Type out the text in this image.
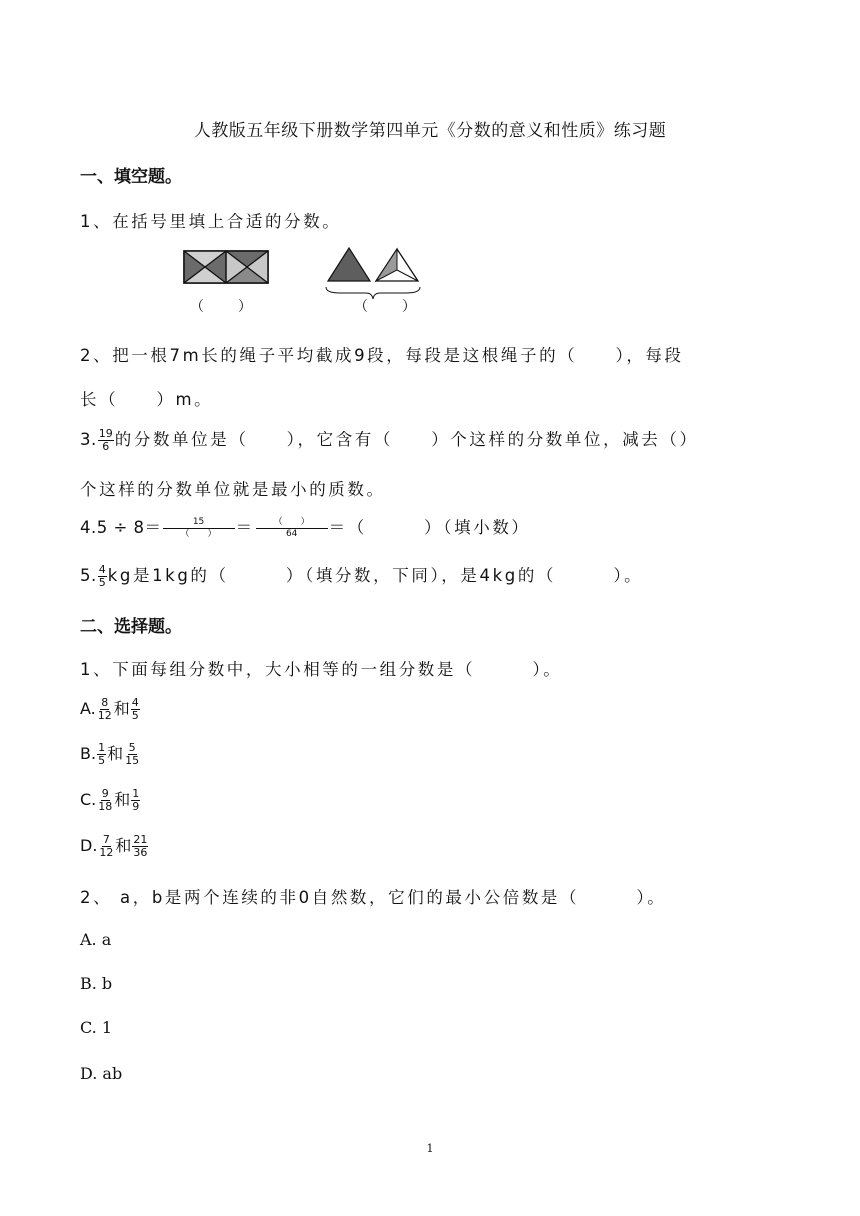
人教版五年级下册数学第四单元《分数的意义和性质》练习题
一、填空题。
1、在括号里填上合适的分数。
（　　）	（　　）
2、把一根7m长的绳子平均截成9段，每段是这根绳子的（　　），每段
长（　　）m。
3. $\frac{19}{6}$ 的分数单位是（　　），它含有（　　）个这样的分数单位，减去（）
个这样的分数单位就是最小的质数。
$4.5 \div 8= \frac{15}{( )} = \frac{( )}{64}$ ＝（　　　）（填小数）
5. $\frac{4}{5}$ kg是1kg的（　　　）（填分数，下同），是4kg的（　　　）。
二、选择题。
1、下面每组分数中，大小相等的一组分数是（　　　）。
A. $\frac{8}{12}$ 和 $\frac{4}{5}$
B. $\frac{1}{5}$ 和 $\frac{5}{15}$
C. $\frac{9}{18}$ 和 $\frac{1}{9}$
D. $\frac{7}{12}$ 和 $\frac{21}{36}$
2、 a，b是两个连续的非0自然数，它们的最小公倍数是（　　　）。
A. a
B. b
C. 1
D. ab
1
